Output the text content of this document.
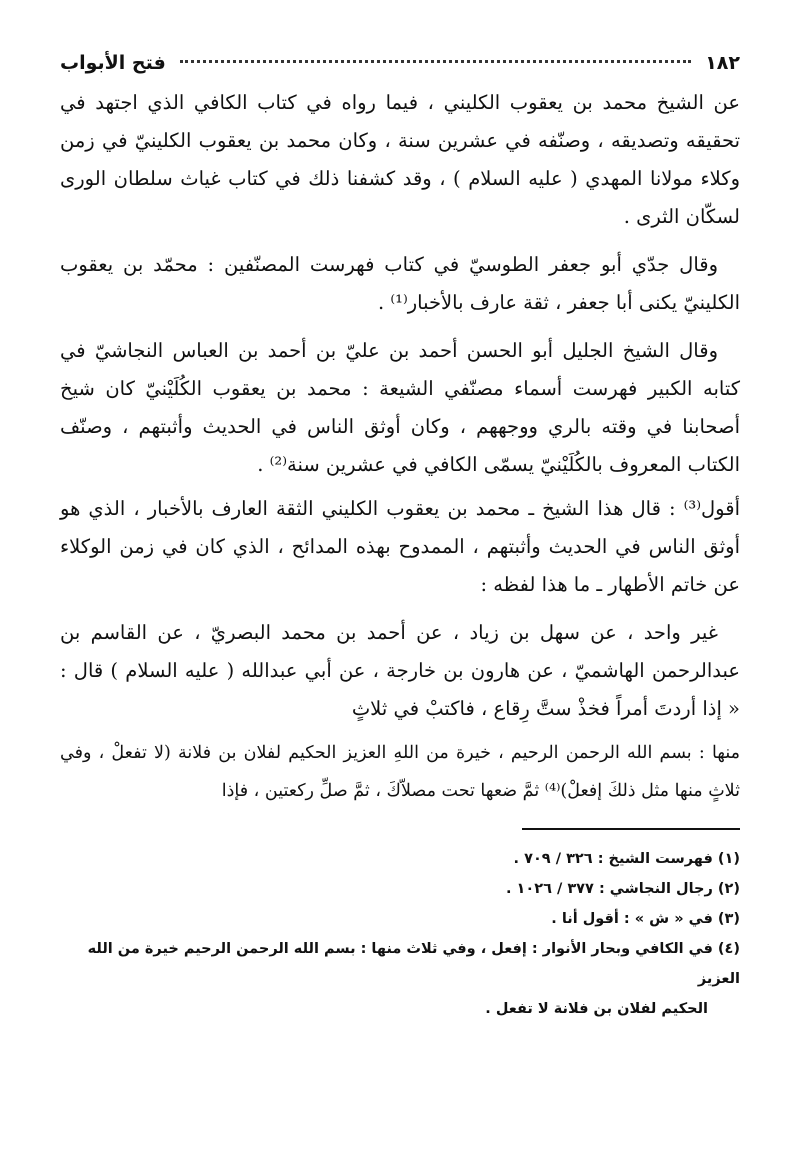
١٨٢
فتح الأبواب

عن الشيخ محمد بن يعقوب الكليني ، فيما رواه في كتاب الكافي الذي اجتهد في تحقيقه وتصديقه ، وصنّفه في عشرين سنة ، وكان محمد بن يعقوب الكلينيّ في زمن وكلاء مولانا المهدي ( عليه السلام ) ، وقد كشفنا ذلك في كتاب غياث سلطان الورى لسكّان الثرى .

وقال جدّي أبو جعفر الطوسيّ في كتاب فهرست المصنّفين : محمّد بن يعقوب الكلينيّ يكنى أبا جعفر ، ثقة عارف بالأخبار⁽¹⁾ .

وقال الشيخ الجليل أبو الحسن أحمد بن عليّ بن أحمد بن العباس النجاشيّ في كتابه الكبير فهرست أسماء مصنّفي الشيعة : محمد بن يعقوب الكُلَيْنيّ كان شيخ أصحابنا في وقته بالري ووجههم ، وكان أوثق الناس في الحديث وأثبتهم ، وصنّف الكتاب المعروف بالكُلَيْنيّ يسمّى الكافي في عشرين سنة⁽²⁾ .

أقول⁽³⁾ : قال هذا الشيخ ـ محمد بن يعقوب الكليني الثقة العارف بالأخبار ، الذي هو أوثق الناس في الحديث وأثبتهم ، الممدوح بهذه المدائح ، الذي كان في زمن الوكلاء عن خاتم الأطهار ـ ما هذا لفظه :

غير واحد ، عن سهل بن زياد ، عن أحمد بن محمد البصريّ ، عن القاسم بن عبدالرحمن الهاشميّ ، عن هارون بن خارجة ، عن أبي عبدالله ( عليه السلام ) قال : « إذا أردتَ أمراً فخذْ ستَّ رِقاع ، فاكتبْ في ثلاثٍ

منها : بسم الله الرحمن الرحيم ، خيرة من اللهِ العزيز الحكيم لفلان بن فلانة (لا تفعلْ ، وفي ثلاثٍ منها مثل ذلكَ إفعلْ)⁽⁴⁾ ثمَّ ضعها تحت مصلاّكَ ، ثمَّ صلِّ ركعتين ، فإذا

(١) فهرست الشيخ : ٣٢٦ / ٧٠٩ .

(٢) رجال النجاشي : ٣٧٧ / ١٠٢٦ .

(٣) في « ش » : أقول أنا .

(٤) في الكافي وبحار الأنوار : إفعل ، وفي ثلاث منها : بسم الله الرحمن الرحيم خيرة من الله العزيز

الحكيم لفلان بن فلانة لا تفعل .
